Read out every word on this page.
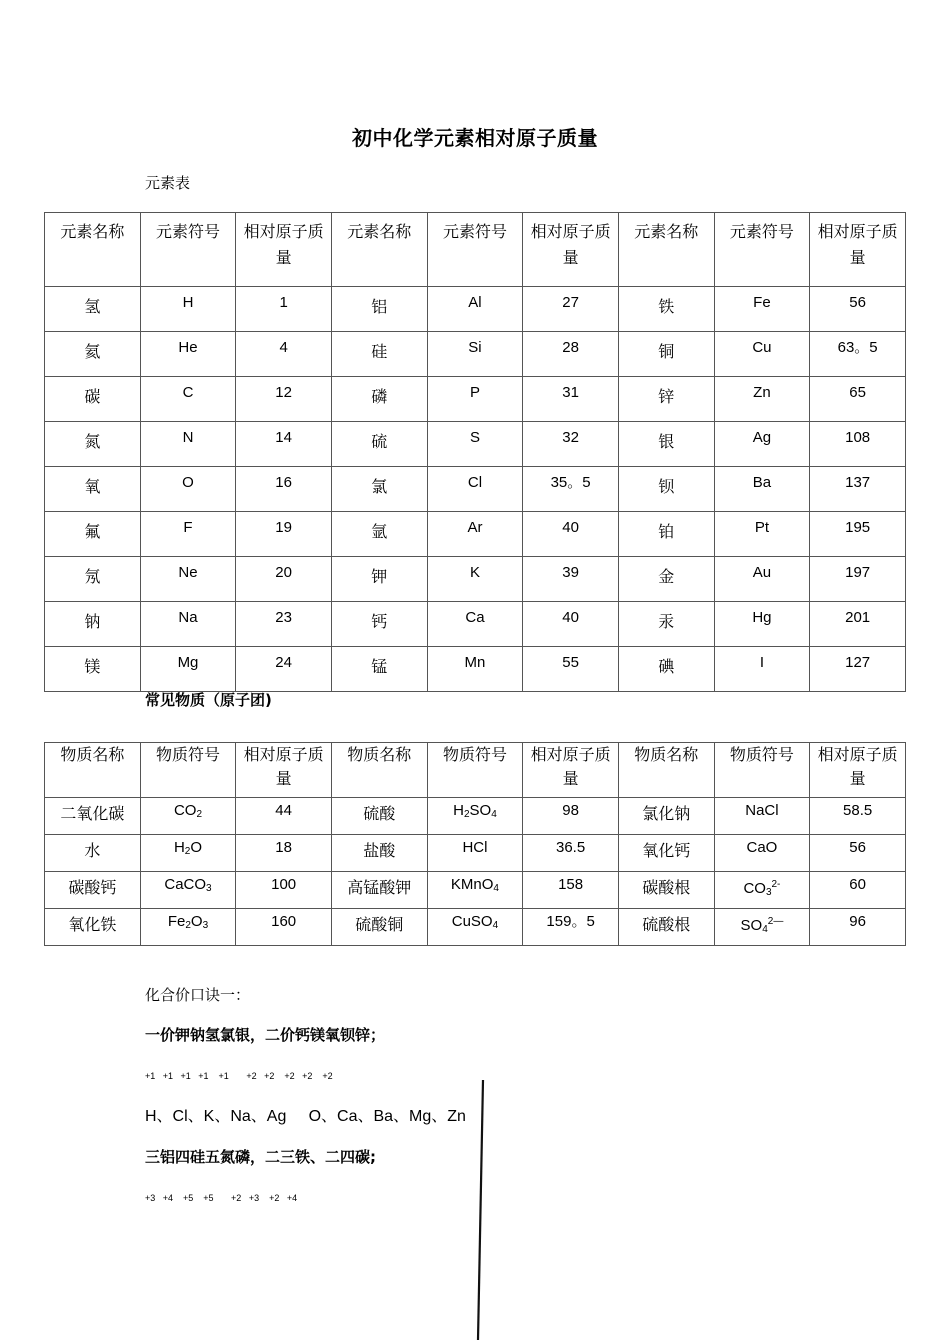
初中化学元素相对原子质量
元素表
元素名称	元素符号	相对原子质量	元素名称	元素符号	相对原子质量	元素名称	元素符号	相对原子质量
氢	H	1	铝	Al	27	铁	Fe	56
氦	He	4	硅	Si	28	铜	Cu	63。5
碳	C	12	磷	P	31	锌	Zn	65
氮	N	14	硫	S	32	银	Ag	108
氧	O	16	氯	Cl	35。5	钡	Ba	137
氟	F	19	氩	Ar	40	铂	Pt	195
氖	Ne	20	钾	K	39	金	Au	197
钠	Na	23	钙	Ca	40	汞	Hg	201
镁	Mg	24	锰	Mn	55	碘	I	127
常见物质（原子团)
物质名称	物质符号	相对原子质量	物质名称	物质符号	相对原子质量	物质名称	物质符号	相对原子质量
二氧化碳	$CO_2$	44	硫酸	$H_2SO_4$	98	氯化钠	NaCl	58.5
水	$H_2O$	18	盐酸	HCl	36.5	氧化钙	CaO	56
碳酸钙	CaCO$_3$	100	高锰酸钾	KMnO$_4$	158	碳酸根	$CO_3^{2-}$	60
氧化铁	$Fe_2O_3$	160	硫酸铜	CuSO$_4$	159。5	硫酸根	$SO_4^{2—}$	96
化合价口诀一：
一价钾钠氢氯银，二价钙镁氧钡锌；
+1   +1   +1   +1    +1       +2   +2    +2   +2    +2
H、Cl、K、Na、Ag     O、Ca、Ba、Mg、Zn
三铝四硅五氮磷，二三铁、二四碳;
+3   +4    +5    +5       +2   +3    +2   +4
